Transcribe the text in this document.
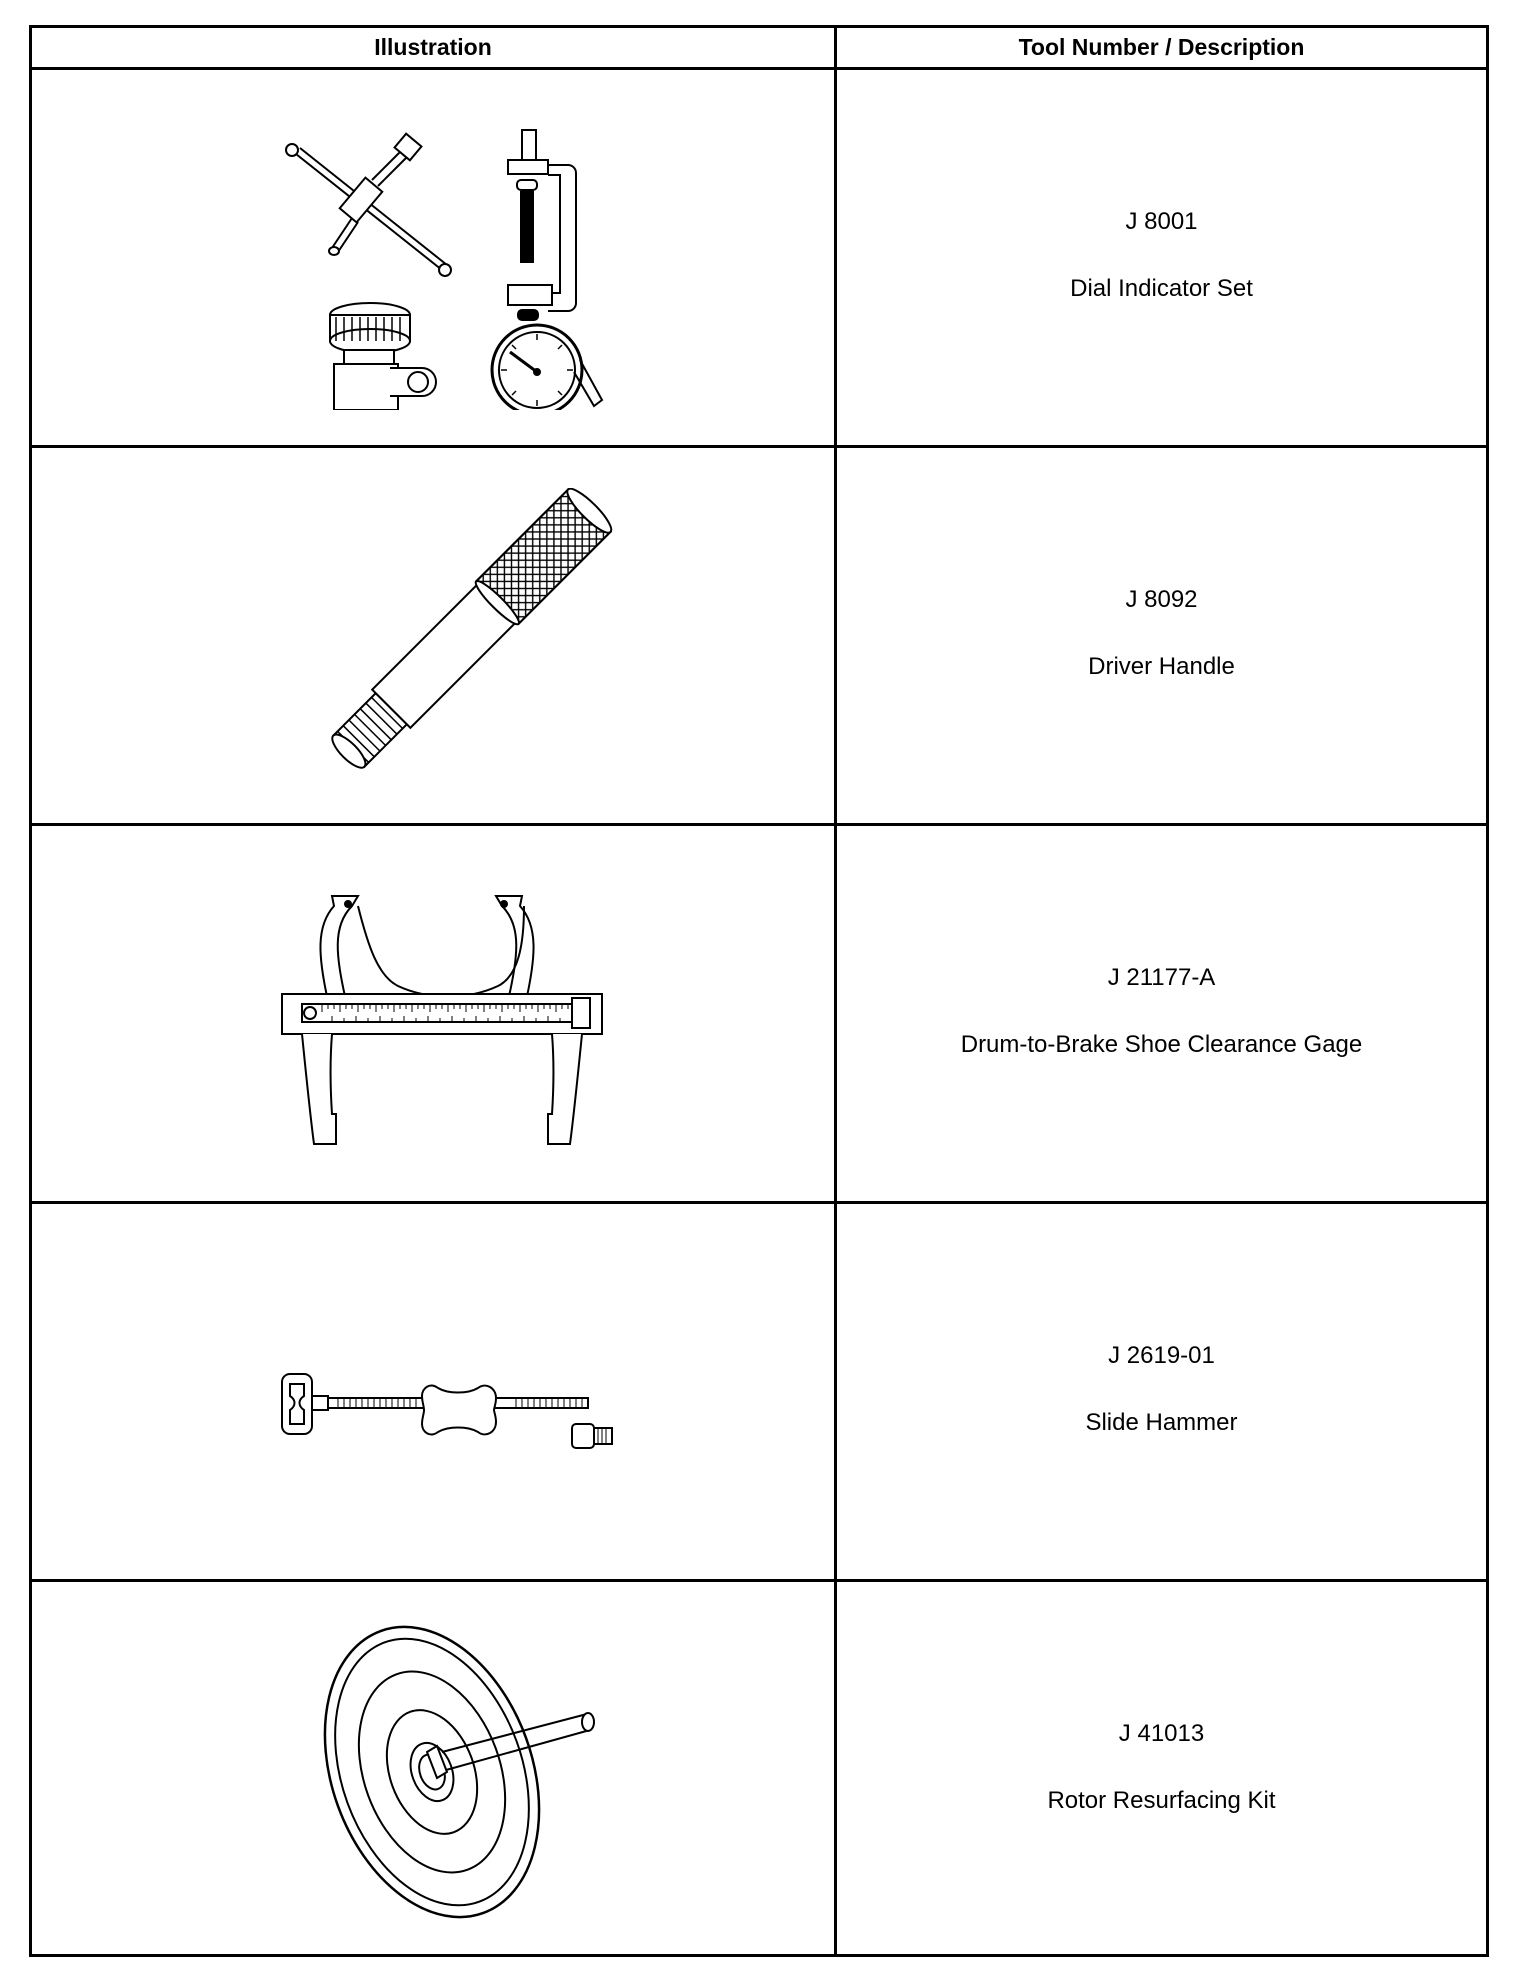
Illustration	Tool Number / Description
J 8001
Dial Indicator Set
J 8092
Driver Handle
J 21177-A
Drum-to-Brake Shoe Clearance Gage
J 2619-01
Slide Hammer
J 41013
Rotor Resurfacing Kit
